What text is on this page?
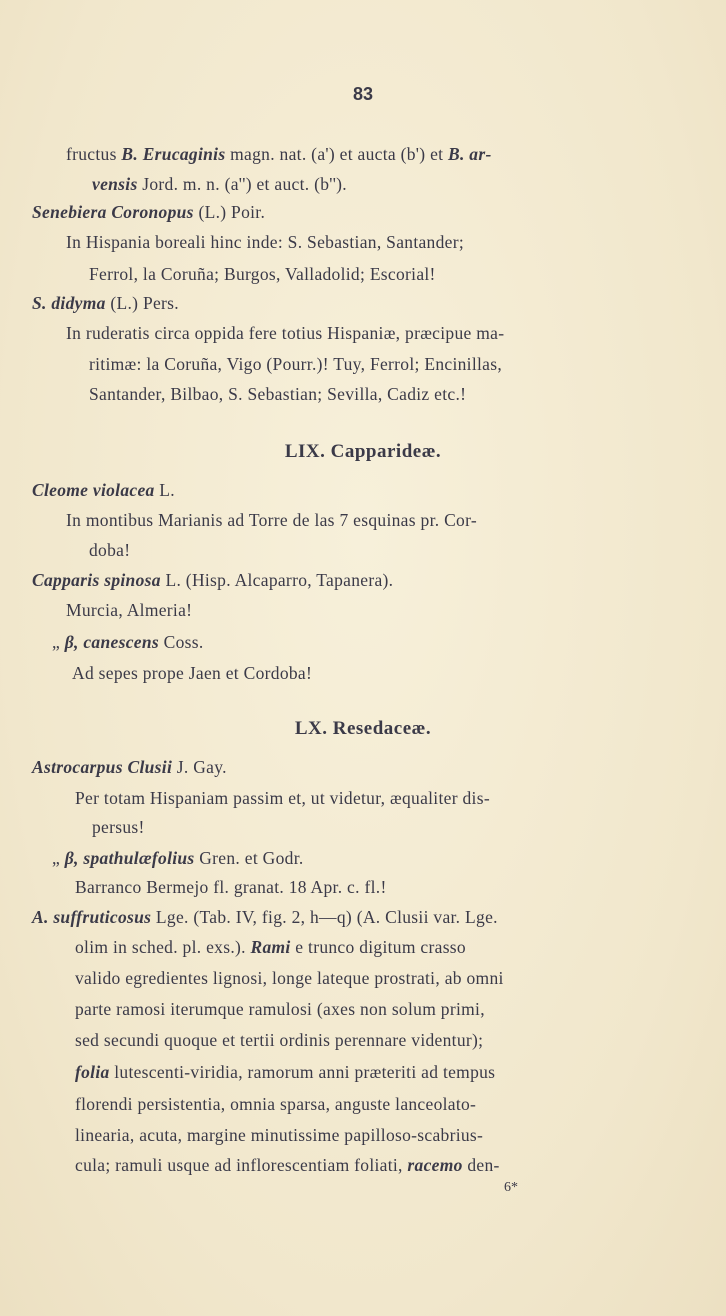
83
fructus B. Erucaginis magn. nat. (a') et aucta (b') et B. ar-
vensis Jord. m. n. (a'') et auct. (b'').
Senebiera Coronopus (L.) Poir.
In Hispania boreali hinc inde: S. Sebastian, Santander;
Ferrol, la Coruña; Burgos, Valladolid; Escorial!
S. didyma (L.) Pers.
In ruderatis circa oppida fere totius Hispaniæ, præcipue ma-
ritimæ: la Coruña, Vigo (Pourr.)! Tuy, Ferrol; Encinillas,
Santander, Bilbao, S. Sebastian; Sevilla, Cadiz etc.!
LIX. Capparideæ.
Cleome violacea L.
In montibus Marianis ad Torre de las 7 esquinas pr. Cor-
doba!
Capparis spinosa L. (Hisp. Alcaparro, Tapanera).
Murcia, Almeria!
„ β, canescens Coss.
Ad sepes prope Jaen et Cordoba!
LX. Resedaceæ.
Astrocarpus Clusii J. Gay.
Per totam Hispaniam passim et, ut videtur, æqualiter dis-
persus!
„ β, spathulæfolius Gren. et Godr.
Barranco Bermejo fl. granat. 18 Apr. c. fl.!
A. suffruticosus Lge. (Tab. IV, fig. 2, h—q) (A. Clusii var. Lge.
olim in sched. pl. exs.). Rami e trunco digitum crasso
valido egredientes lignosi, longe lateque prostrati, ab omni
parte ramosi iterumque ramulosi (axes non solum primi,
sed secundi quoque et tertii ordinis perennare videntur);
folia lutescenti-viridia, ramorum anni præteriti ad tempus
florendi persistentia, omnia sparsa, anguste lanceolato-
linearia, acuta, margine minutissime papilloso-scabrius-
cula; ramuli usque ad inflorescentiam foliati, racemo den-
6*
